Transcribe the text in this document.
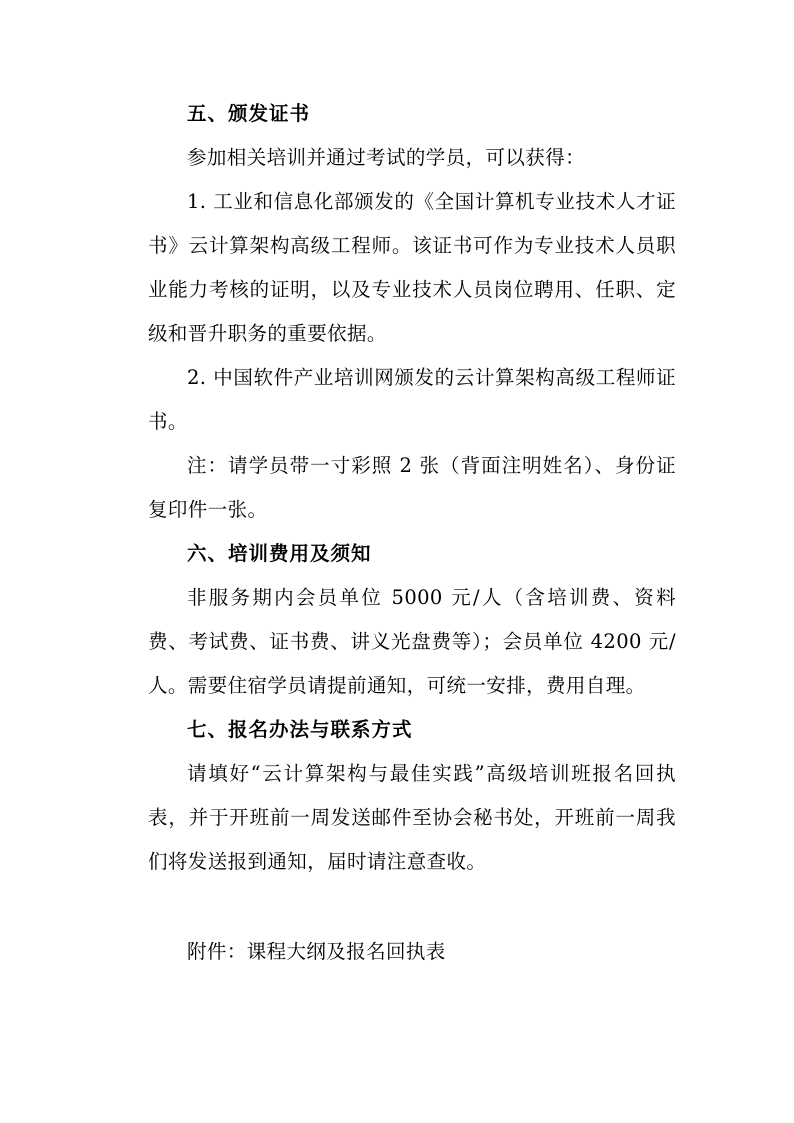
五、颁发证书

参加相关培训并通过考试的学员，可以获得：

1. 工业和信息化部颁发的《全国计算机专业技术人才证书》云计算架构高级工程师。该证书可作为专业技术人员职业能力考核的证明，以及专业技术人员岗位聘用、任职、定级和晋升职务的重要依据。

2. 中国软件产业培训网颁发的云计算架构高级工程师证书。

注：请学员带一寸彩照 2 张（背面注明姓名）、身份证复印件一张。

六、培训费用及须知

非服务期内会员单位 5000 元/人（含培训费、资料费、考试费、证书费、讲义光盘费等）；会员单位 4200 元/人。需要住宿学员请提前通知，可统一安排，费用自理。

七、报名办法与联系方式

请填好“云计算架构与最佳实践”高级培训班报名回执表，并于开班前一周发送邮件至协会秘书处，开班前一周我们将发送报到通知，届时请注意查收。

附件：课程大纲及报名回执表
